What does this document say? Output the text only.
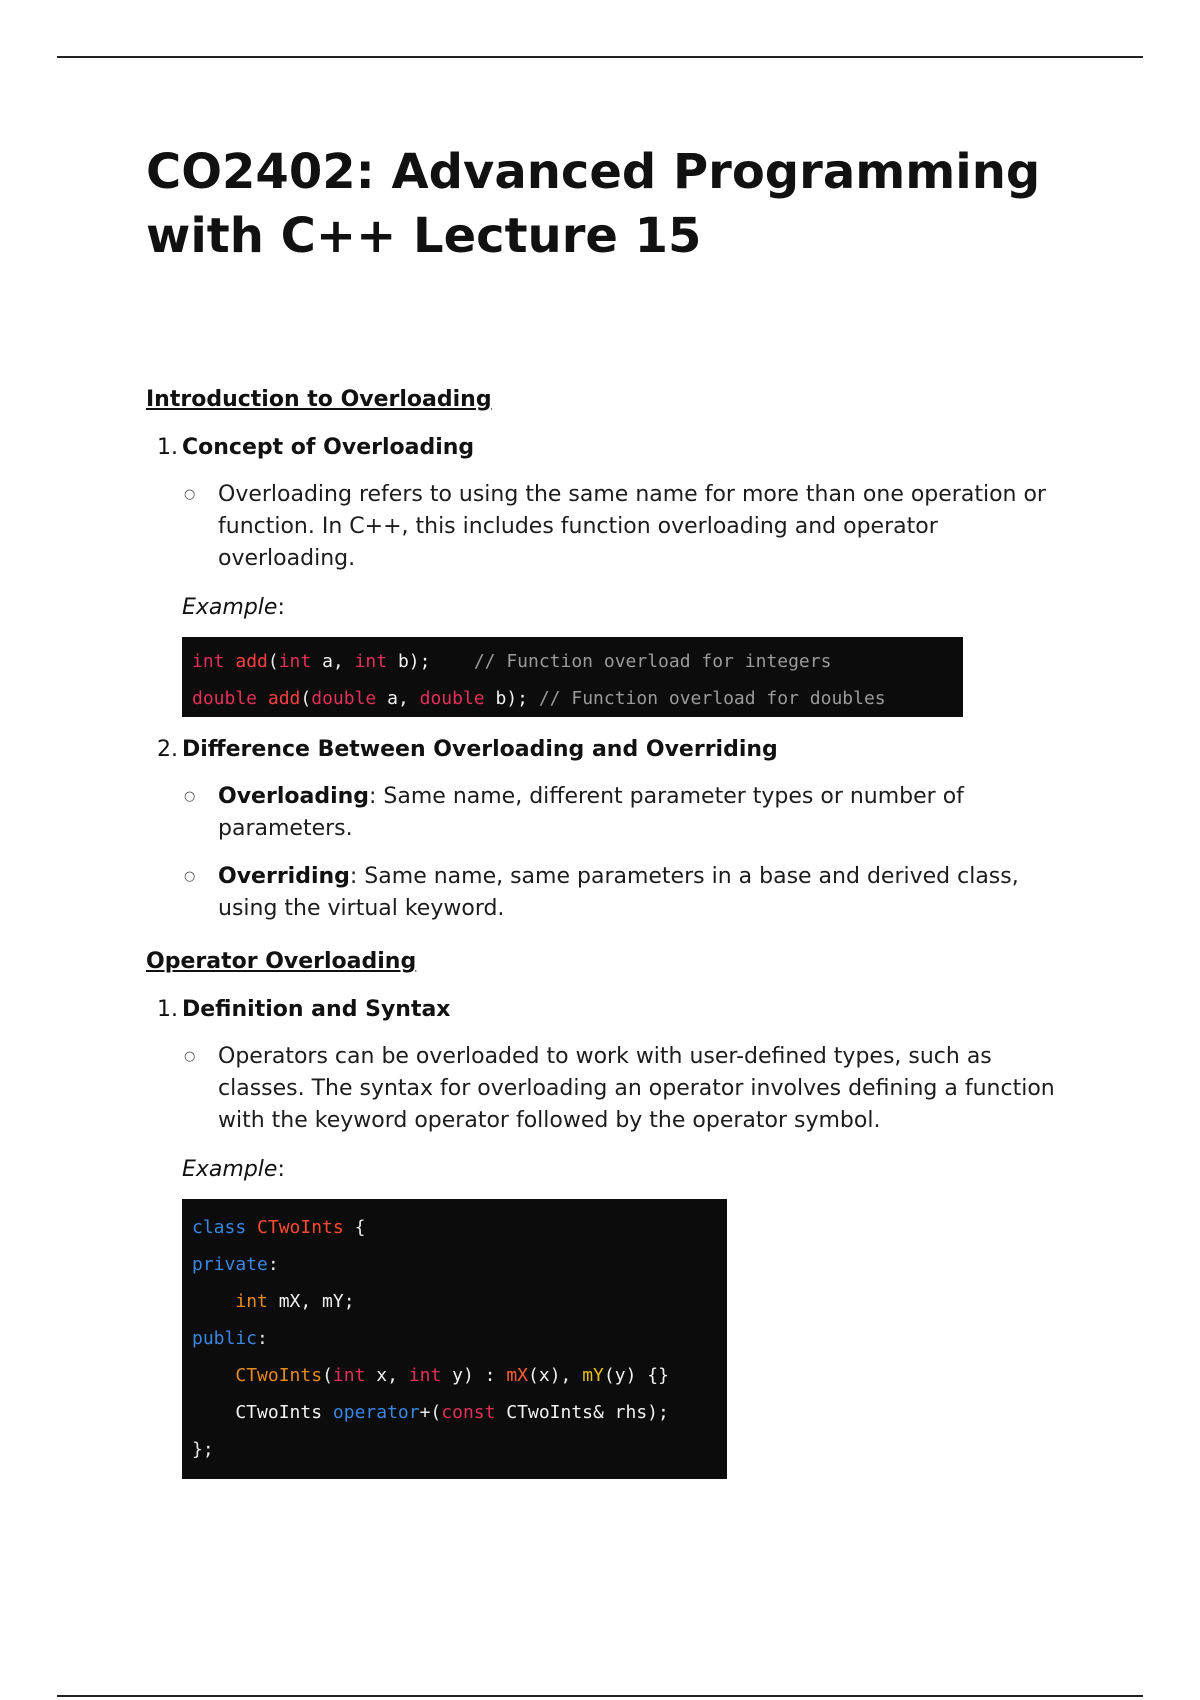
CO2402: Advanced Programming with C++ Lecture 15
Introduction to Overloading
1. Concept of Overloading
○ Overloading refers to using the same name for more than one operation or function. In C++, this includes function overloading and operator overloading.
Example:
int add(int a, int b);    // Function overload for integers
double add(double a, double b); // Function overload for doubles
2. Difference Between Overloading and Overriding
○ Overloading: Same name, different parameter types or number of parameters.
○ Overriding: Same name, same parameters in a base and derived class, using the virtual keyword.
Operator Overloading
1. Definition and Syntax
○ Operators can be overloaded to work with user-defined types, such as classes. The syntax for overloading an operator involves defining a function with the keyword operator followed by the operator symbol.
Example:
class CTwoInts {
private:
int mX, mY;
public:
CTwoInts(int x, int y) : mX(x), mY(y) {}
CTwoInts operator+(const CTwoInts& rhs);
};
